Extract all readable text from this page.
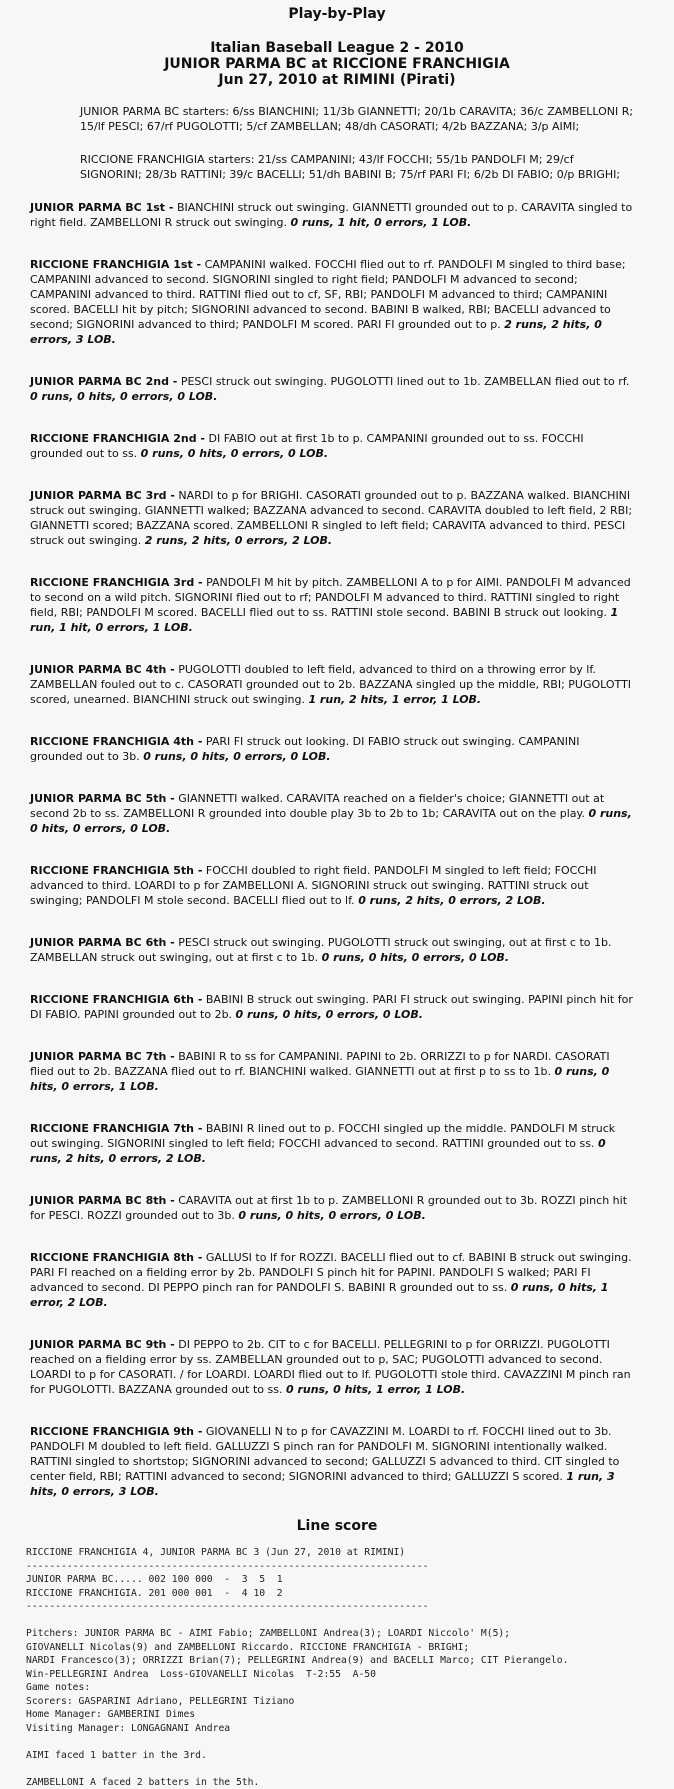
Play-by-Play
Italian Baseball League 2 - 2010
JUNIOR PARMA BC at RICCIONE FRANCHIGIA
Jun 27, 2010 at RIMINI (Pirati)

JUNIOR PARMA BC starters: 6/ss BIANCHINI; 11/3b GIANNETTI; 20/1b CARAVITA; 36/c ZAMBELLONI R; 15/lf PESCI; 67/rf PUGOLOTTI; 5/cf ZAMBELLAN; 48/dh CASORATI; 4/2b BAZZANA; 3/p AIMI;

RICCIONE FRANCHIGIA starters: 21/ss CAMPANINI; 43/lf FOCCHI; 55/1b PANDOLFI M; 29/cf SIGNORINI; 28/3b RATTINI; 39/c BACELLI; 51/dh BABINI B; 75/rf PARI FI; 6/2b DI FABIO; 0/p BRIGHI;

JUNIOR PARMA BC 1st - BIANCHINI struck out swinging. GIANNETTI grounded out to p. CARAVITA singled to right field. ZAMBELLONI R struck out swinging. 0 runs, 1 hit, 0 errors, 1 LOB.

RICCIONE FRANCHIGIA 1st - CAMPANINI walked. FOCCHI flied out to rf. PANDOLFI M singled to third base; CAMPANINI advanced to second. SIGNORINI singled to right field; PANDOLFI M advanced to second; CAMPANINI advanced to third. RATTINI flied out to cf, SF, RBI; PANDOLFI M advanced to third; CAMPANINI scored. BACELLI hit by pitch; SIGNORINI advanced to second. BABINI B walked, RBI; BACELLI advanced to second; SIGNORINI advanced to third; PANDOLFI M scored. PARI FI grounded out to p. 2 runs, 2 hits, 0 errors, 3 LOB.

JUNIOR PARMA BC 2nd - PESCI struck out swinging. PUGOLOTTI lined out to 1b. ZAMBELLAN flied out to rf. 0 runs, 0 hits, 0 errors, 0 LOB.

RICCIONE FRANCHIGIA 2nd - DI FABIO out at first 1b to p. CAMPANINI grounded out to ss. FOCCHI grounded out to ss. 0 runs, 0 hits, 0 errors, 0 LOB.

JUNIOR PARMA BC 3rd - NARDI to p for BRIGHI. CASORATI grounded out to p. BAZZANA walked. BIANCHINI struck out swinging. GIANNETTI walked; BAZZANA advanced to second. CARAVITA doubled to left field, 2 RBI; GIANNETTI scored; BAZZANA scored. ZAMBELLONI R singled to left field; CARAVITA advanced to third. PESCI struck out swinging. 2 runs, 2 hits, 0 errors, 2 LOB.

RICCIONE FRANCHIGIA 3rd - PANDOLFI M hit by pitch. ZAMBELLONI A to p for AIMI. PANDOLFI M advanced to second on a wild pitch. SIGNORINI flied out to rf; PANDOLFI M advanced to third. RATTINI singled to right field, RBI; PANDOLFI M scored. BACELLI flied out to ss. RATTINI stole second. BABINI B struck out looking. 1 run, 1 hit, 0 errors, 1 LOB.

JUNIOR PARMA BC 4th - PUGOLOTTI doubled to left field, advanced to third on a throwing error by lf. ZAMBELLAN fouled out to c. CASORATI grounded out to 2b. BAZZANA singled up the middle, RBI; PUGOLOTTI scored, unearned. BIANCHINI struck out swinging. 1 run, 2 hits, 1 error, 1 LOB.

RICCIONE FRANCHIGIA 4th - PARI FI struck out looking. DI FABIO struck out swinging. CAMPANINI grounded out to 3b. 0 runs, 0 hits, 0 errors, 0 LOB.

JUNIOR PARMA BC 5th - GIANNETTI walked. CARAVITA reached on a fielder's choice; GIANNETTI out at second 2b to ss. ZAMBELLONI R grounded into double play 3b to 2b to 1b; CARAVITA out on the play. 0 runs, 0 hits, 0 errors, 0 LOB.

RICCIONE FRANCHIGIA 5th - FOCCHI doubled to right field. PANDOLFI M singled to left field; FOCCHI advanced to third. LOARDI to p for ZAMBELLONI A. SIGNORINI struck out swinging. RATTINI struck out swinging; PANDOLFI M stole second. BACELLI flied out to lf. 0 runs, 2 hits, 0 errors, 2 LOB.

JUNIOR PARMA BC 6th - PESCI struck out swinging. PUGOLOTTI struck out swinging, out at first c to 1b. ZAMBELLAN struck out swinging, out at first c to 1b. 0 runs, 0 hits, 0 errors, 0 LOB.

RICCIONE FRANCHIGIA 6th - BABINI B struck out swinging. PARI FI struck out swinging. PAPINI pinch hit for DI FABIO. PAPINI grounded out to 2b. 0 runs, 0 hits, 0 errors, 0 LOB.

JUNIOR PARMA BC 7th - BABINI R to ss for CAMPANINI. PAPINI to 2b. ORRIZZI to p for NARDI. CASORATI flied out to 2b. BAZZANA flied out to rf. BIANCHINI walked. GIANNETTI out at first p to ss to 1b. 0 runs, 0 hits, 0 errors, 1 LOB.

RICCIONE FRANCHIGIA 7th - BABINI R lined out to p. FOCCHI singled up the middle. PANDOLFI M struck out swinging. SIGNORINI singled to left field; FOCCHI advanced to second. RATTINI grounded out to ss. 0 runs, 2 hits, 0 errors, 2 LOB.

JUNIOR PARMA BC 8th - CARAVITA out at first 1b to p. ZAMBELLONI R grounded out to 3b. ROZZI pinch hit for PESCI. ROZZI grounded out to 3b. 0 runs, 0 hits, 0 errors, 0 LOB.

RICCIONE FRANCHIGIA 8th - GALLUSI to lf for ROZZI. BACELLI flied out to cf. BABINI B struck out swinging. PARI FI reached on a fielding error by 2b. PANDOLFI S pinch hit for PAPINI. PANDOLFI S walked; PARI FI advanced to second. DI PEPPO pinch ran for PANDOLFI S. BABINI R grounded out to ss. 0 runs, 0 hits, 1 error, 2 LOB.

JUNIOR PARMA BC 9th - DI PEPPO to 2b. CIT to c for BACELLI. PELLEGRINI to p for ORRIZZI. PUGOLOTTI reached on a fielding error by ss. ZAMBELLAN grounded out to p, SAC; PUGOLOTTI advanced to second. LOARDI to p for CASORATI. / for LOARDI. LOARDI flied out to lf. PUGOLOTTI stole third. CAVAZZINI M pinch ran for PUGOLOTTI. BAZZANA grounded out to ss. 0 runs, 0 hits, 1 error, 1 LOB.

RICCIONE FRANCHIGIA 9th - GIOVANELLI N to p for CAVAZZINI M. LOARDI to rf. FOCCHI lined out to 3b. PANDOLFI M doubled to left field. GALLUZZI S pinch ran for PANDOLFI M. SIGNORINI intentionally walked. RATTINI singled to shortstop; SIGNORINI advanced to second; GALLUZZI S advanced to third. CIT singled to center field, RBI; RATTINI advanced to second; SIGNORINI advanced to third; GALLUZZI S scored. 1 run, 3 hits, 0 errors, 3 LOB.

Line score
RICCIONE FRANCHIGIA 4, JUNIOR PARMA BC 3 (Jun 27, 2010 at RIMINI)
---------------------------------------------------------------------
JUNIOR PARMA BC..... 002 100 000  -  3  5  1
RICCIONE FRANCHIGIA. 201 000 001  -  4 10  2
---------------------------------------------------------------------
Pitchers: JUNIOR PARMA BC - AIMI Fabio; ZAMBELLONI Andrea(3); LOARDI Niccolo' M(5);
GIOVANELLI Nicolas(9) and ZAMBELLONI Riccardo. RICCIONE FRANCHIGIA - BRIGHI;
NARDI Francesco(3); ORRIZZI Brian(7); PELLEGRINI Andrea(9) and BACELLI Marco; CIT Pierangelo.
Win-PELLEGRINI Andrea  Loss-GIOVANELLI Nicolas  T-2:55  A-50
Game notes:
Scorers: GASPARINI Adriano, PELLEGRINI Tiziano
Home Manager: GAMBERINI Dimes
Visiting Manager: LONGAGNANI Andrea
AIMI faced 1 batter in the 3rd.
ZAMBELLONI A faced 2 batters in the 5th.
